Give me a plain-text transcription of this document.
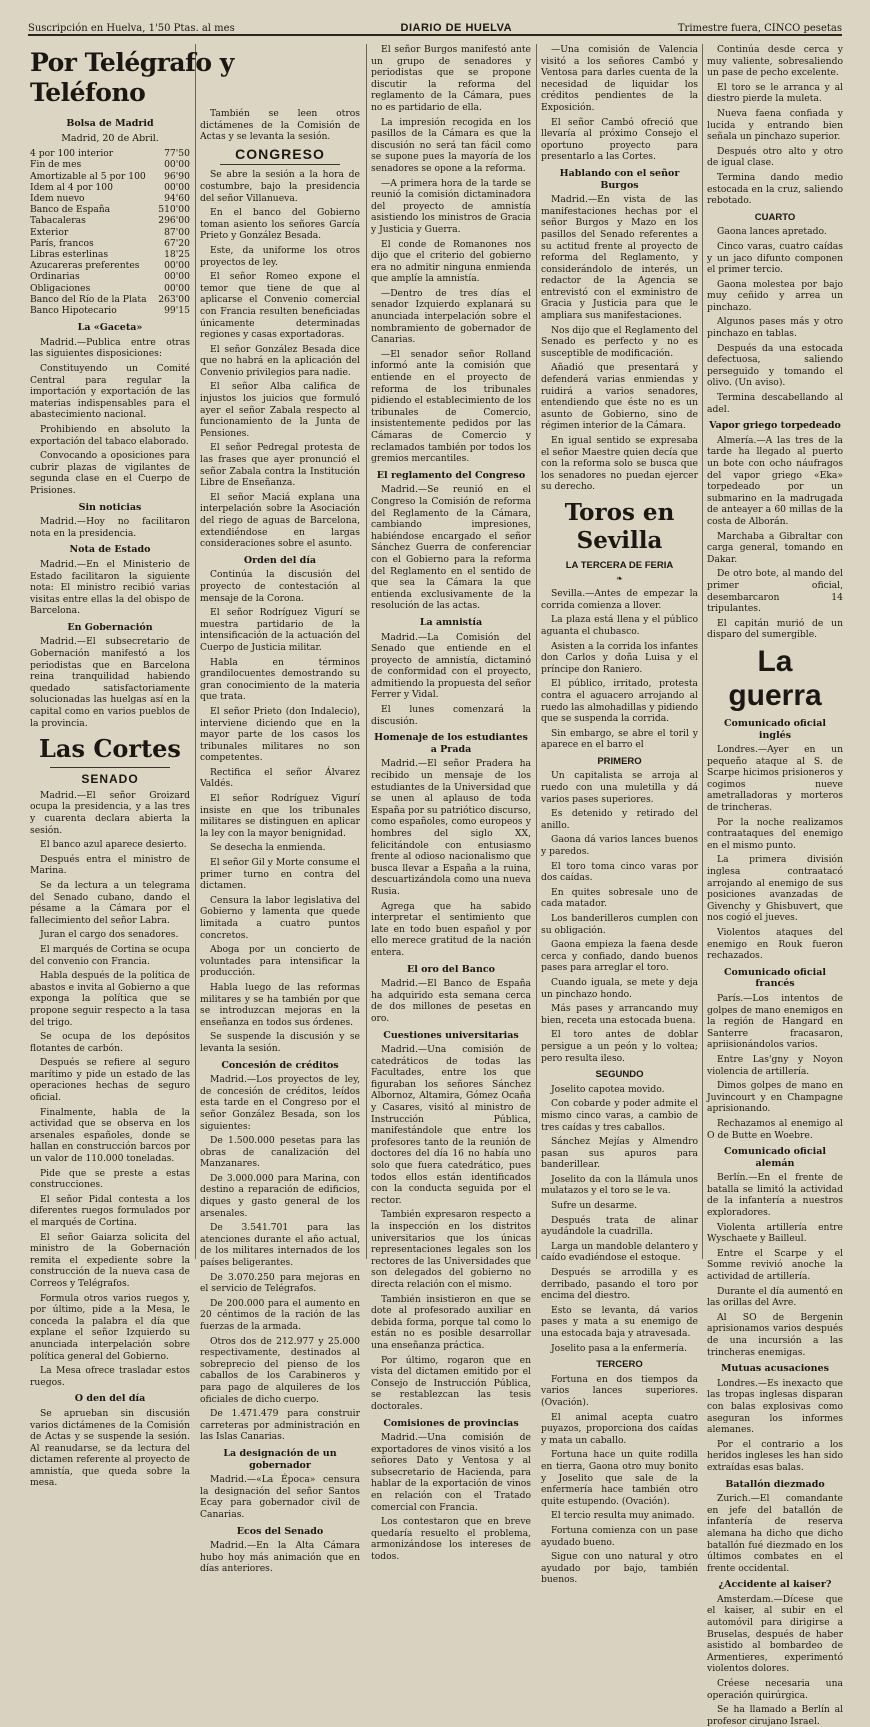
Suscripción en Huelva, 1'50 Ptas. al mes	DIARIO DE HUELVA	Trimestre fuera, CINCO pesetas
Por Telégrafo y Teléfono
Bolsa de Madrid
Madrid, 20 de Abril.
4 por 100 interior	77'50
Fin de mes	00'00
Amortizable al 5 por 100	96'90
Idem al 4 por 100	00'00
Idem nuevo	94'60
Banco de España	510'00
Tabacaleras	296'00
Exterior	87'00
París, francos	67'20
Libras esterlinas	18'25
Azucareras preferentes	00'00
Ordinarias	00'00
Obligaciones	00'00
Banco del Río de la Plata	263'00
Banco Hipotecario	99'15
La «Gaceta»

Madrid.—Publica entre otras las siguientes disposiciones:

Constituyendo un Comité Central para regular la importación y exportación de las materias indispensables para el abastecimiento nacional.

Prohibiendo en absoluto la exportación del tabaco elaborado.

Convocando a oposiciones para cubrir plazas de vigilantes de segunda clase en el Cuerpo de Prisiones.

Sin noticias

Madrid.—Hoy no facilitaron nota en la presidencia.

Nota de Estado

Madrid.—En el Ministerio de Estado facilitaron la siguiente nota: El ministro recibió varias visitas entre ellas la del obispo de Barcelona.

En Gobernación

Madrid.—El subsecretario de Gobernación manifestó a los periodistas que en Barcelona reina tranquilidad habiendo quedado satisfactoriamente solucionadas las huelgas así en la capital como en varios pueblos de la provincia.

Las Cortes
SENADO

Madrid.—El señor Groizard ocupa la presidencia, y a las tres y cuarenta declara abierta la sesión.

El banco azul aparece desierto.

Después entra el ministro de Marina.

Se da lectura a un telegrama del Senado cubano, dando el pésame a la Cámara por el fallecimiento del señor Labra.

Juran el cargo dos senadores.

El marqués de Cortina se ocupa del convenio con Francia.

Habla después de la política de abastos e invita al Gobierno a que exponga la política que se propone seguir respecto a la tasa del trigo.

Se ocupa de los depósitos flotantes de carbón.

Después se refiere al seguro marítimo y pide un estado de las operaciones hechas de seguro oficial.

Finalmente, habla de la actividad que se observa en los arsenales españoles, donde se hallan en construcción barcos por un valor de 110.000 toneladas.

Pide que se preste a estas construcciones.

El señor Pidal contesta a los diferentes ruegos formulados por el marqués de Cortina.

El señor Gaiarza solicita del ministro de la Gobernación remita el expediente sobre la construcción de la nueva casa de Correos y Telégrafos.

Formula otros varios ruegos y, por último, pide a la Mesa, le conceda la palabra el día que explane el señor Izquierdo su anunciada interpelación sobre política general del Gobierno.

La Mesa ofrece trasladar estos ruegos.

O den del día

Se aprueban sin discusión varios dictámenes de la Comisión de Actas y se suspende la sesión. Al reanudarse, se da lectura del dictamen referente al proyecto de amnistía, que queda sobre la mesa.

También se leen otros dictámenes de la Comisión de Actas y se levanta la sesión.

CONGRESO

Se abre la sesión a la hora de costumbre, bajo la presidencia del señor Villanueva.

En el banco del Gobierno toman asiento los señores García Prieto y González Besada.

Este, da uniforme los otros proyectos de ley.

El señor Romeo expone el temor que tiene de que al aplicarse el Convenio comercial con Francia resulten beneficiadas únicamente determinadas regiones y casas exportadoras.

El señor González Besada dice que no habrá en la aplicación del Convenio privilegios para nadie.

El señor Alba califica de injustos los juicios que formuló ayer el señor Zabala respecto al funcionamiento de la Junta de Pensiones.

El señor Pedregal protesta de las frases que ayer pronunció el señor Zabala contra la Institución Libre de Enseñanza.

El señor Maciá explana una interpelación sobre la Asociación del riego de aguas de Barcelona, extendiéndose en largas consideraciones sobre el asunto.

Orden del día

Continúa la discusión del proyecto de contestación al mensaje de la Corona.

El señor Rodríguez Vigurí se muestra partidario de la intensificación de la actuación del Cuerpo de Justicia militar.

Habla en términos grandilocuentes demostrando su gran conocimiento de la materia que trata.

El señor Prieto (don Indalecio), interviene diciendo que en la mayor parte de los casos los tribunales militares no son competentes.

Rectifica el señor Álvarez Valdés.

El señor Rodríguez Vigurí insiste en que los tribunales militares se distinguen en aplicar la ley con la mayor benignidad.

Se desecha la enmienda.

El señor Gil y Morte consume el primer turno en contra del dictamen.

Censura la labor legislativa del Gobierno y lamenta que quede limitada a cuatro puntos concretos.

Aboga por un concierto de voluntades para intensificar la producción.

Habla luego de las reformas militares y se ha también por que se introduzcan mejoras en la enseñanza en todos sus órdenes.

Se suspende la discusión y se levanta la sesión.

Concesión de créditos

Madrid.—Los proyectos de ley, de concesión de créditos, leídos esta tarde en el Congreso por el señor González Besada, son los siguientes:

De 1.500.000 pesetas para las obras de canalización del Manzanares.

De 3.000.000 para Marina, con destino a reparación de edificios, diques y gasto general de los arsenales.

De 3.541.701 para las atenciones durante el año actual, de los militares internados de los países beligerantes.

De 3.070.250 para mejoras en el servicio de Telégrafos.

De 200.000 para el aumento en 20 céntimos de la ración de las fuerzas de la armada.

Otros dos de 212.977 y 25.000 respectivamente, destinados al sobreprecio del pienso de los caballos de los Carabineros y para pago de alquileres de los oficiales de dicho cuerpo.

De 1.471.479 para construir carreteras por administración en las Islas Canarias.

La designación de un gobernador

Madrid.—«La Época» censura la designación del señor Santos Ecay para gobernador civil de Canarias.

Ecos del Senado

Madrid.—En la Alta Cámara hubo hoy más animación que en días anteriores.

El señor Burgos manifestó ante un grupo de senadores y periodistas que se propone discutir la reforma del reglamento de la Cámara, pues no es partidario de ella.

La impresión recogida en los pasillos de la Cámara es que la discusión no será tan fácil como se supone pues la mayoría de los senadores se opone a la reforma.

—A primera hora de la tarde se reunió la comisión dictaminadora del proyecto de amnistía asistiendo los ministros de Gracia y Justicia y Guerra.

El conde de Romanones nos dijo que el criterio del gobierno era no admitir ninguna enmienda que amplíe la amnistía.

—Dentro de tres días el senador Izquierdo explanará su anunciada interpelación sobre el nombramiento de gobernador de Canarias.

—El senador señor Rolland informó ante la comisión que entiende en el proyecto de reforma de los tribunales pidiendo el establecimiento de los tribunales de Comercio, insistentemente pedidos por las Cámaras de Comercio y reclamados también por todos los gremios mercantiles.

El reglamento del Congreso

Madrid.—Se reunió en el Congreso la Comisión de reforma del Reglamento de la Cámara, cambiando impresiones, habiéndose encargado el señor Sánchez Guerra de conferenciar con el Gobierno para la reforma del Reglamento en el sentido de que sea la Cámara la que entienda exclusivamente de la resolución de las actas.

La amnistía

Madrid.—La Comisión del Senado que entiende en el proyecto de amnistía, dictaminó de conformidad con el proyecto, admitiendo la propuesta del señor Ferrer y Vidal.

El lunes comenzará la discusión.

Homenaje de los estudiantes a Prada

Madrid.—El señor Pradera ha recibido un mensaje de los estudiantes de la Universidad que se unen al aplauso de toda España por su patriótico discurso, como españoles, como europeos y hombres del siglo XX, felicitándole con entusiasmo frente al odioso nacionalismo que busca llevar a España a la ruina, descuartizándola como una nueva Rusia.

Agrega que ha sabido interpretar el sentimiento que late en todo buen español y por ello merece gratitud de la nación entera.

El oro del Banco

Madrid.—El Banco de España ha adquirido esta semana cerca de dos millones de pesetas en oro.

Cuestiones universitarias

Madrid.—Una comisión de catedráticos de todas las Facultades, entre los que figuraban los señores Sánchez Albornoz, Altamira, Gómez Ocaña y Casares, visitó al ministro de Instrucción Pública, manifestándole que entre los profesores tanto de la reunión de doctores del día 16 no había uno solo que fuera catedrático, pues todos ellos están identificados con la conducta seguida por el rector.

También expresaron respecto a la inspección en los distritos universitarios que los únicas representaciones legales son los rectores de las Universidades que son delegados del gobierno no directa relación con el mismo.

También insistieron en que se dote al profesorado auxiliar en debida forma, porque tal como lo están no es posible desarrollar una enseñanza práctica.

Por último, rogaron que en vista del dictamen emitido por el Consejo de Instrucción Pública, se restablezcan las tesis doctorales.

Comisiones de provincias

Madrid.—Una comisión de exportadores de vinos visitó a los señores Dato y Ventosa y al subsecretario de Hacienda, para hablar de la exportación de vinos en relación con el Tratado comercial con Francia.

Los contestaron que en breve quedaría resuelto el problema, armonizándose los intereses de todos.

—Una comisión de Valencia visitó a los señores Cambó y Ventosa para darles cuenta de la necesidad de liquidar los créditos pendientes de la Exposición.

El señor Cambó ofreció que llevaría al próximo Consejo el oportuno proyecto para presentarlo a las Cortes.

Hablando con el señor Burgos

Madrid.—En vista de las manifestaciones hechas por el señor Burgos y Mazo en los pasillos del Senado referentes a su actitud frente al proyecto de reforma del Reglamento, y considerándolo de interés, un redactor de la Agencia se entrevistó con el exministro de Gracia y Justicia para que le ampliara sus manifestaciones.

Nos dijo que el Reglamento del Senado es perfecto y no es susceptible de modificación.

Añadió que presentará y defenderá varias enmiendas y ruidirá a varios senadores, entendiendo que éste no es un asunto de Gobierno, sino de régimen interior de la Cámara.

En igual sentido se expresaba el señor Maestre quien decía que con la reforma solo se busca que los senadores no puedan ejercer su derecho.

Toros en Sevilla
LA TERCERA DE FERIA
❧

Sevilla.—Antes de empezar la corrida comienza a llover.

La plaza está llena y el público aguanta el chubasco.

Asisten a la corrida los infantes don Carlos y doña Luisa y el príncipe don Raniero.

El público, irritado, protesta contra el aguacero arrojando al ruedo las almohadillas y pidiendo que se suspenda la corrida.

Sin embargo, se abre el toril y aparece en el barro el

PRIMERO

Un capitalista se arroja al ruedo con una muletilla y dá varios pases superiores.

Es detenido y retirado del anillo.

Gaona dá varios lances buenos y paredos.

El toro toma cinco varas por dos caídas.

En quites sobresale uno de cada matador.

Los banderilleros cumplen con su obligación.

Gaona empieza la faena desde cerca y confiado, dando buenos pases para arreglar el toro.

Cuando iguala, se mete y deja un pinchazo hondo.

Más pases y arrancando muy bien, receta una estocada buena.

El toro antes de doblar persigue a un peón y lo voltea; pero resulta ileso.

SEGUNDO

Joselito capotea movido.

Con cobarde y poder admite el mismo cinco varas, a cambio de tres caídas y tres caballos.

Sánchez Mejías y Almendro pasan sus apuros para banderillear.

Joselito da con la llámula unos mulatazos y el toro se le va.

Sufre un desarme.

Después trata de alinar ayudándole la cuadrilla.

Larga un mandoble delantero y caído evadiéndose el estoque.

Después se arrodilla y es derribado, pasando el toro por encima del diestro.

Esto se levanta, dá varios pases y mata a su enemigo de una estocada baja y atravesada.

Joselito pasa a la enfermería.

TERCERO

Fortuna en dos tiempos da varios lances superiores. (Ovación).

El animal acepta cuatro puyazos, proporciona dos caídas y mata un caballo.

Fortuna hace un quite rodilla en tierra, Gaona otro muy bonito y Joselito que sale de la enfermería hace también otro quite estupendo. (Ovación).

El tercio resulta muy animado.

Fortuna comienza con un pase ayudado bueno.

Sigue con uno natural y otro ayudado por bajo, también buenos.

Continúa desde cerca y muy valiente, sobresaliendo un pase de pecho excelente.

El toro se le arranca y al diestro pierde la muleta.

Nueva faena confiada y lucida y entrando bien señala un pinchazo superior.

Después otro alto y otro de igual clase.

Termina dando medio estocada en la cruz, saliendo rebotado.

CUARTO

Gaona lances apretado.

Cinco varas, cuatro caídas y un jaco difunto componen el primer tercio.

Gaona molestea por bajo muy ceñido y arrea un pinchazo.

Algunos pases más y otro pinchazo en tablas.

Después da una estocada defectuosa, saliendo perseguido y tomando el olivo. (Un aviso).

Termina descabellando al adel.

Vapor griego torpedeado

Almería.—A las tres de la tarde ha llegado al puerto un bote con ocho náufragos del vapor griego «Eka» torpedeado por un submarino en la madrugada de anteayer a 60 millas de la costa de Alborán.

Marchaba a Gibraltar con carga general, tomando en Dakar.

De otro bote, al mando del primer oficial, desembarcaron 14 tripulantes.

El capitán murió de un disparo del sumergible.

La guerra
Comunicado oficial inglés

Londres.—Ayer en un pequeño ataque al S. de Scarpe hicimos prisioneros y cogimos nueve ametralladoras y morteros de trincheras.

Por la noche realizamos contraataques del enemigo en el mismo punto.

La primera división inglesa contraatacó arrojando al enemigo de sus posiciones avanzadas de Givenchy y Ghisbuvert, que nos cogió el jueves.

Violentos ataques del enemigo en Rouk fueron rechazados.

Comunicado oficial francés

París.—Los intentos de golpes de mano enemigos en la región de Hangard en Santerre fracasaron, apriisionándolos varios.

Entre Las'gny y Noyon violencia de artillería.

Dimos golpes de mano en Juvincourt y en Champagne aprisionando.

Rechazamos al enemigo al O de Butte en Woebre.

Comunicado oficial alemán

Berlín.—En el frente de batalla se limitó la actividad de la infantería a nuestros exploradores.

Violenta artillería entre Wyschaete y Bailleul.

Entre el Scarpe y el Somme revivió anoche la actividad de artillería.

Durante el día aumentó en las orillas del Avre.

Al SO de Bergenin aprisionamos varios después de una incursión a las trincheras enemigas.

Mutuas acusaciones

Londres.—Es inexacto que las tropas inglesas disparan con balas explosivas como aseguran los informes alemanes.

Por el contrario a los heridos ingleses les han sido extraídas esas balas.

Batallón diezmado

Zurich.—El comandante en jefe del batallón de infantería de reserva alemana ha dicho que dicho batallón fué diezmado en los últimos combates en el frente occidental.

¿Accidente al kaiser?

Amsterdam.—Dícese que el kaiser, al subir en el automóvil para dirigirse a Bruselas, después de haber asistido al bombardeo de Armentieres, experimentó violentos dolores.

Créese necesaria una operación quirúrgica.

Se ha llamado a Berlín al profesor cirujano Israel.
